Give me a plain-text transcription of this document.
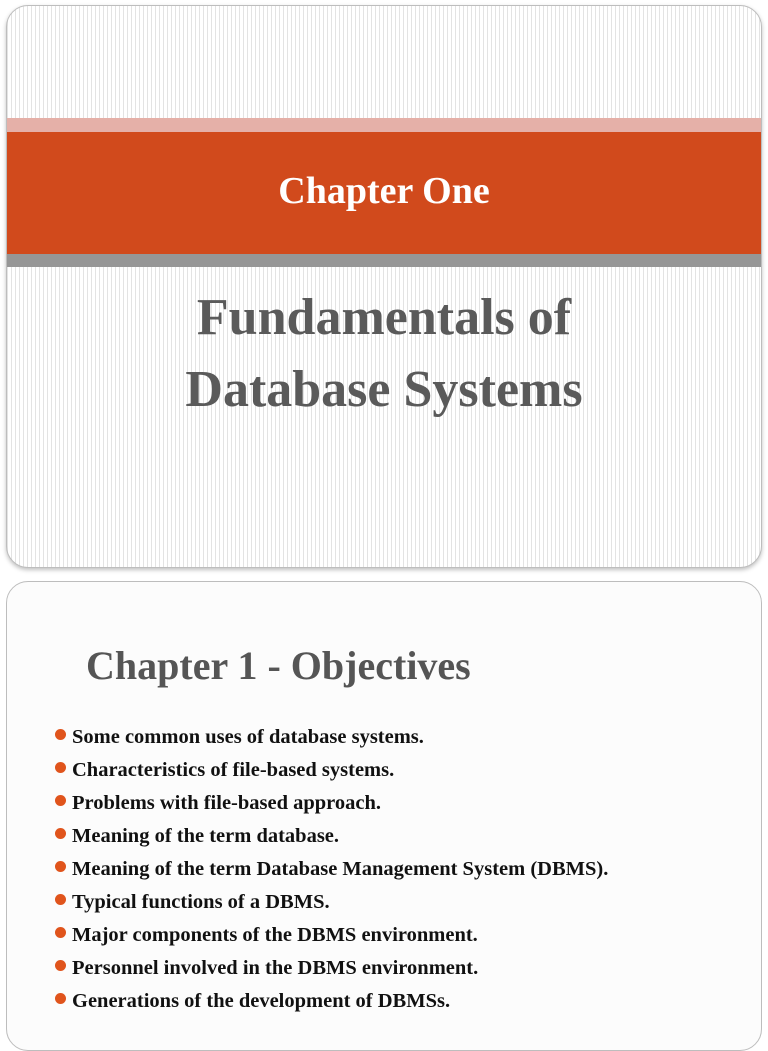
Chapter One
Fundamentals of
Database Systems
Chapter 1 - Objectives
Some common uses of database systems.
Characteristics of file-based systems.
Problems with file-based approach.
Meaning of the term database.
Meaning of the term Database Management System (DBMS).
Typical functions of a DBMS.
Major components of the DBMS environment.
Personnel involved in the DBMS environment.
Generations of the development of DBMSs.
